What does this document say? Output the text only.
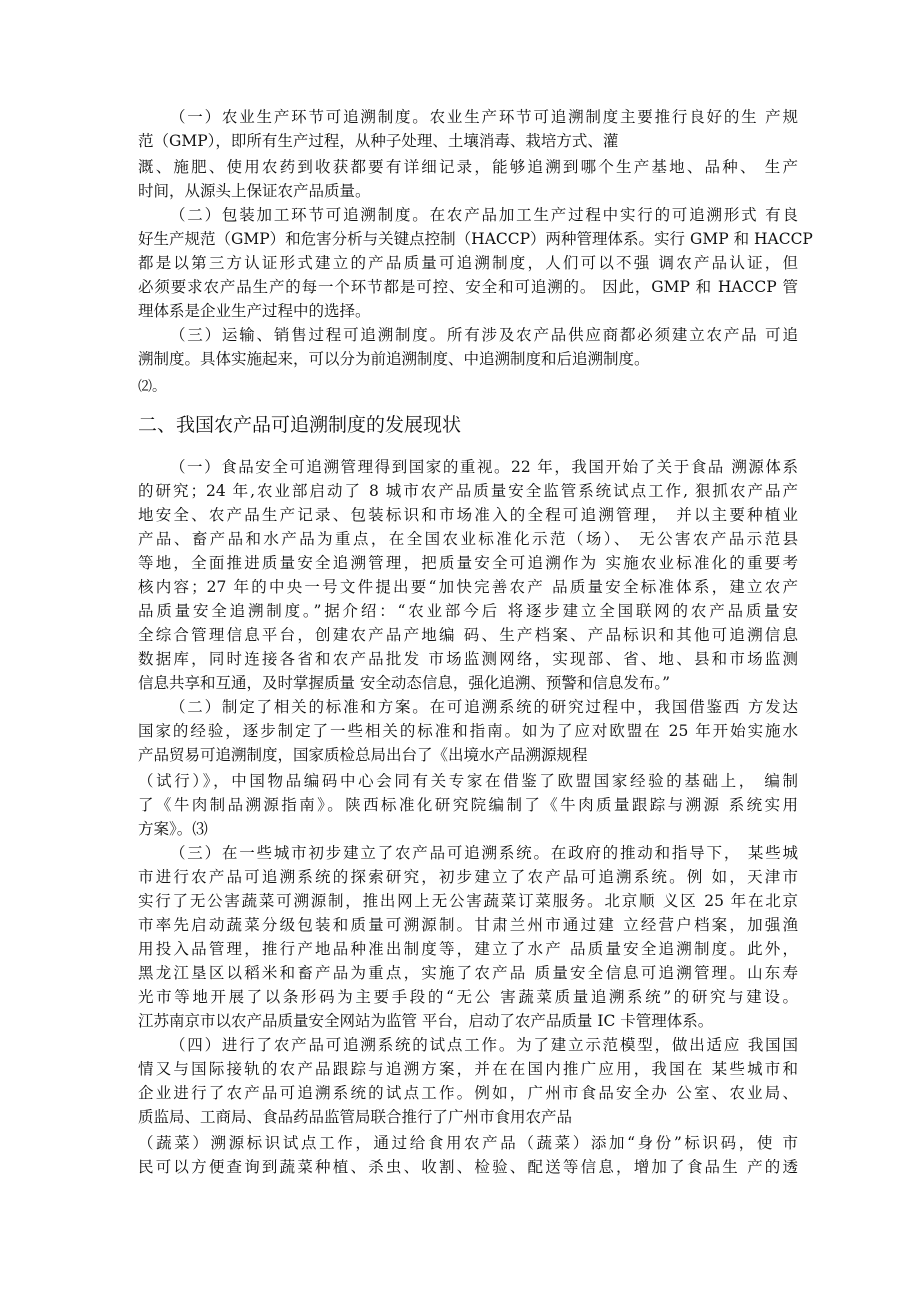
（一）农业生产环节可追溯制度。农业生产环节可追溯制度主要推行良好的生 产规
范（GMP），即所有生产过程，从种子处理、土壤消毒、栽培方式、灌
溉、施肥、使用农药到收获都要有详细记录，能够追溯到哪个生产基地、品种、 生产
时间，从源头上保证农产品质量。
（二）包装加工环节可追溯制度。在农产品加工生产过程中实行的可追溯形式 有良
好生产规范（GMP）和危害分析与关键点控制（HACCP）两种管理体系。实行 GMP 和 HACCP
都是以第三方认证形式建立的产品质量可追溯制度，人们可以不强 调农产品认证，但
必须要求农产品生产的每一个环节都是可控、安全和可追溯的。 因此，GMP 和 HACCP 管
理体系是企业生产过程中的选择。
（三）运输、销售过程可追溯制度。所有涉及农产品供应商都必须建立农产品 可追
溯制度。具体实施起来，可以分为前追溯制度、中追溯制度和后追溯制度。
⑵。
二、我国农产品可追溯制度的发展现状
（一）食品安全可追溯管理得到国家的重视。22 年，我国开始了关于食品 溯源体系
的研究；24 年,农业部启动了 8 城市农产品质量安全监管系统试点工作, 狠抓农产品产
地安全、农产品生产记录、包装标识和市场准入的全程可追溯管理， 并以主要种植业
产品、畜产品和水产品为重点，在全国农业标准化示范（场）、 无公害农产品示范县
等地，全面推进质量安全追溯管理，把质量安全可追溯作为 实施农业标准化的重要考
核内容；27 年的中央一号文件提出要“加快完善农产 品质量安全标准体系，建立农产
品质量安全追溯制度。”据介绍：“农业部今后 将逐步建立全国联网的农产品质量安
全综合管理信息平台，创建农产品产地编 码、生产档案、产品标识和其他可追溯信息
数据库，同时连接各省和农产品批发 市场监测网络，实现部、省、地、县和市场监测
信息共享和互通，及时掌握质量 安全动态信息，强化追溯、预警和信息发布。”
（二）制定了相关的标准和方案。在可追溯系统的研究过程中，我国借鉴西 方发达
国家的经验，逐步制定了一些相关的标准和指南。如为了应对欧盟在 25 年开始实施水
产品贸易可追溯制度，国家质检总局出台了《出境水产品溯源规程
（试行）》，中国物品编码中心会同有关专家在借鉴了欧盟国家经验的基础上， 编制
了《牛肉制品溯源指南》。陕西标准化研究院编制了《牛肉质量跟踪与溯源 系统实用
方案》。⑶
（三）在一些城市初步建立了农产品可追溯系统。在政府的推动和指导下， 某些城
市进行农产品可追溯系统的探索研究，初步建立了农产品可追溯系统。例 如，天津市
实行了无公害蔬菜可溯源制，推出网上无公害蔬菜订菜服务。北京顺 义区 25 年在北京
市率先启动蔬菜分级包装和质量可溯源制。甘肃兰州市通过建 立经营户档案，加强渔
用投入品管理，推行产地品种准出制度等，建立了水产 品质量安全追溯制度。此外，
黑龙江垦区以稻米和畜产品为重点，实施了农产品 质量安全信息可追溯管理。山东寿
光市等地开展了以条形码为主要手段的“无公 害蔬菜质量追溯系统”的研究与建设。
江苏南京市以农产品质量安全网站为监管 平台，启动了农产品质量 IC 卡管理体系。
（四）进行了农产品可追溯系统的试点工作。为了建立示范模型，做出适应 我国国
情又与国际接轨的农产品跟踪与追溯方案，并在在国内推广应用，我国在 某些城市和
企业进行了农产品可追溯系统的试点工作。例如，广州市食品安全办 公室、农业局、
质监局、工商局、食品药品监管局联合推行了广州市食用农产品
（蔬菜）溯源标识试点工作，通过给食用农产品（蔬菜）添加“身份”标识码，使 市
民可以方便查询到蔬菜种植、杀虫、收割、检验、配送等信息，增加了食品生 产的透
